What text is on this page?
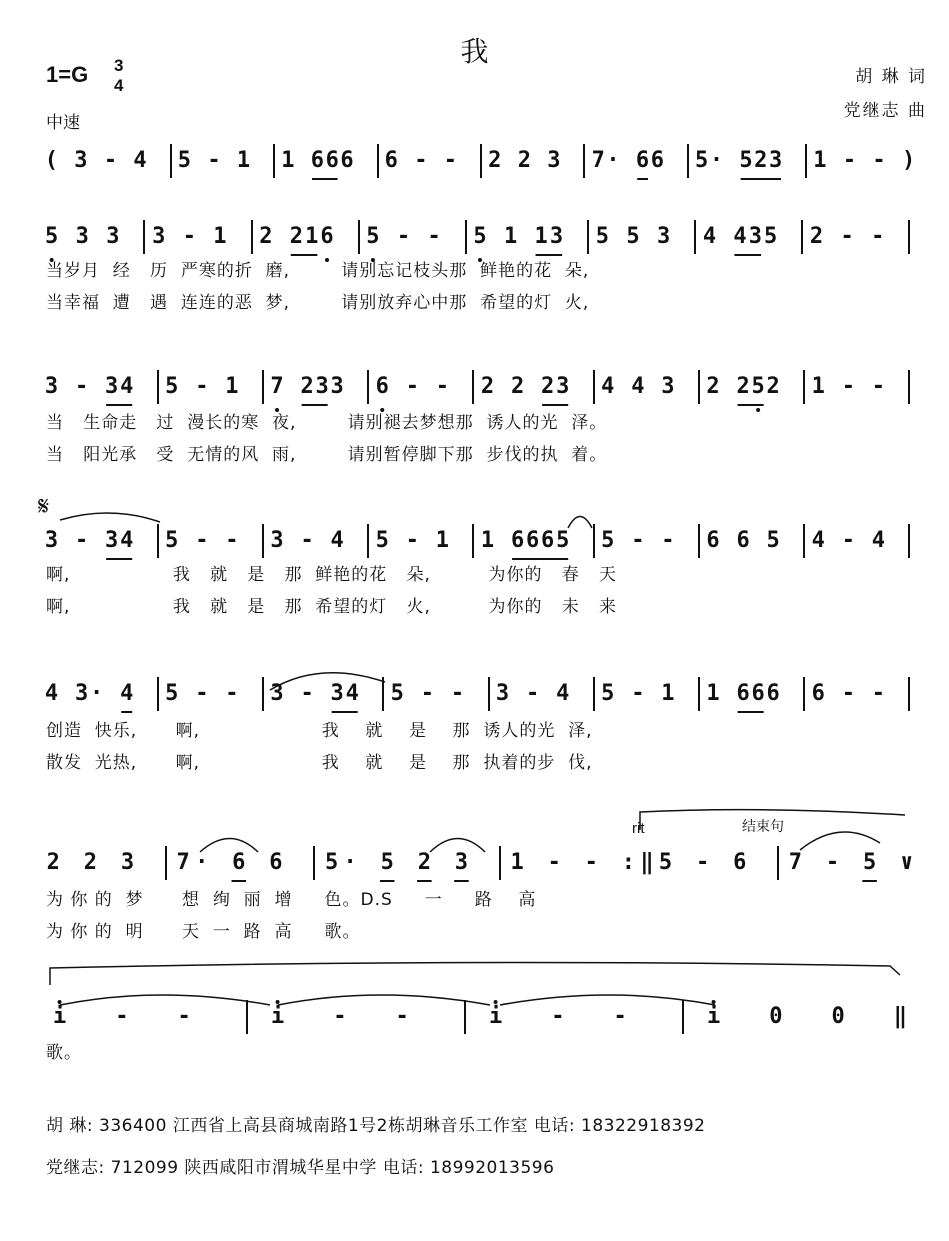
我
1=G 3
4
中速
胡 琳 词
党继志 曲
( 3 - 4 5 - 1 1 6 6 6 6 - - 2 2 3 7 · 6 6 5 · 5 2 3 1 - - )
5 3 3 3 - 1 2 2 1 6 5 - - 5 1 1 3 5 5 3 4 4 3 5 2 - -
3 - 3 4 5 - 1 7 2 3 3 6 - - 2 2 2 3 4 4 3 2 2 5 2 1 - -
3 - 3 4 5 - - 3 - 4 5 - 1 1 6 6 6 5 5 - - 6 6 5 4 - 4
4 3 · 4 5 - - 3 - 3 4 5 - - 3 - 4 5 - 1 1 6 6 6 6 - -
2 2 3 7 · 6 6 5 · 5 2 3 1 - - : ‖ 5 - 6 7 - 5 ∨
i	-	-	i	-	-	i	-	-	i	0	0	‖
当岁月  经   历  严寒的折  磨,        请别忘记枝头那  鲜艳的花  朵,
当幸福  遭   遇  连连的恶  梦,        请别放弃心中那  希望的灯  火,
当   生命走   过  漫长的寒  夜,        请别褪去梦想那  诱人的光  泽。
当   阳光承   受  无情的风  雨,        请别暂停脚下那  步伐的执  着。
啊,                我   就   是   那  鲜艳的花   朵,         为你的   春   天
啊,                我   就   是   那  希望的灯   火,         为你的   未   来
创造  快乐,      啊,                   我    就    是    那  诱人的光  泽,
散发  光热,      啊,                   我    就    是    那  执着的步  伐,
为 你 的  梦      想  绚  丽  增     色。D.S     一     路    高
为 你 的  明      天  一  路  高     歌。
歌。
𝄋
rit	结束句
胡 琳: 336400 江西省上高县商城南路1号2栋胡琳音乐工作室 电话: 18322918392
党继志: 712099 陕西咸阳市渭城华星中学 电话: 18992013596
